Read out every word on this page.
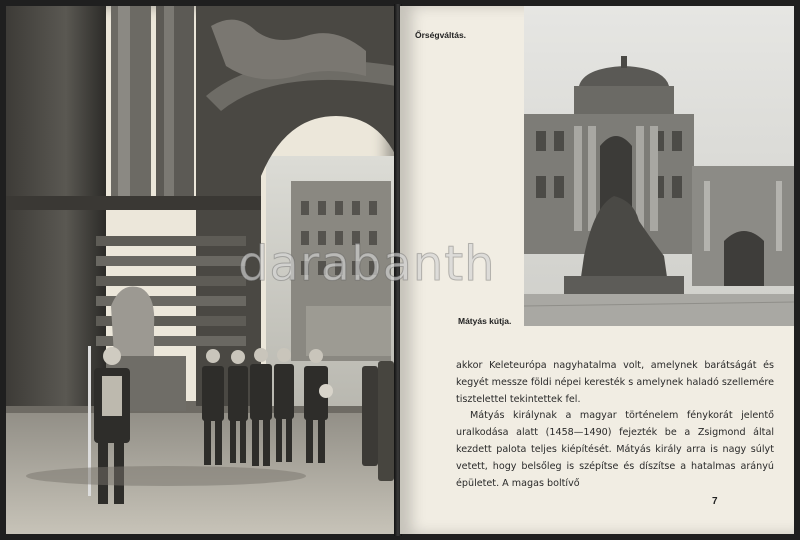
Őrségváltás.
Mátyás kútja.

akkor Keleteurópa nagyhatalma volt, amelynek barátságát és kegyét messze földi népei keresték s amelynek haladó szellemére tisztelettel tekintettek fel.

Mátyás királynak a magyar történelem fénykorát jelentő uralkodása alatt (1458—1490) fejezték be a Zsigmond által kezdett palota teljes kiépítését. Mátyás király arra is nagy súlyt vetett, hogy belsőleg is szépítse és díszítse a hatalmas arányú épületet. A magas boltívő

7
darabanth
